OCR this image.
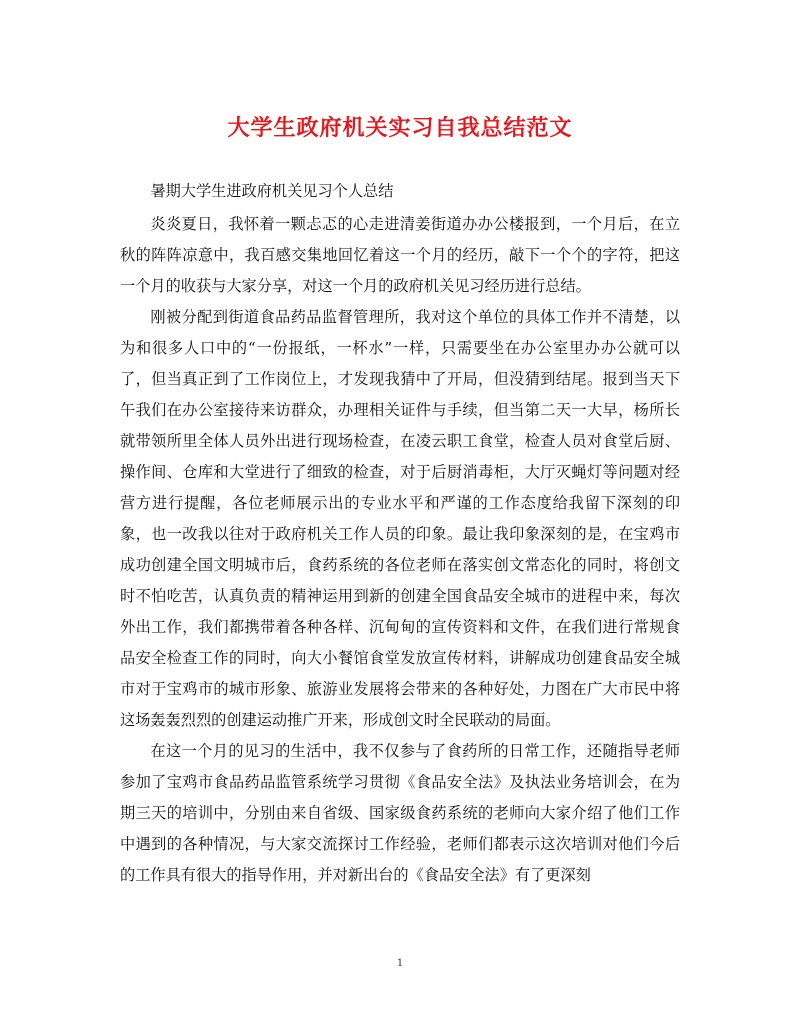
大学生政府机关实习自我总结范文

暑期大学生进政府机关见习个人总结

炎炎夏日，我怀着一颗忐忑的心走进清姜街道办办公楼报到，一个月后，在立秋的阵阵凉意中，我百感交集地回忆着这一个月的经历，敲下一个个的字符，把这一个月的收获与大家分享，对这一个月的政府机关见习经历进行总结。

刚被分配到街道食品药品监督管理所，我对这个单位的具体工作并不清楚，以为和很多人口中的“一份报纸，一杯水”一样，只需要坐在办公室里办办公就可以了，但当真正到了工作岗位上，才发现我猜中了开局，但没猜到结尾。报到当天下午我们在办公室接待来访群众，办理相关证件与手续，但当第二天一大早，杨所长就带领所里全体人员外出进行现场检查，在凌云职工食堂，检查人员对食堂后厨、操作间、仓库和大堂进行了细致的检查，对于后厨消毒柜，大厅灭蝇灯等问题对经营方进行提醒，各位老师展示出的专业水平和严谨的工作态度给我留下深刻的印象，也一改我以往对于政府机关工作人员的印象。最让我印象深刻的是，在宝鸡市成功创建全国文明城市后，食药系统的各位老师在落实创文常态化的同时，将创文时不怕吃苦，认真负责的精神运用到新的创建全国食品安全城市的进程中来，每次外出工作，我们都携带着各种各样、沉甸甸的宣传资料和文件，在我们进行常规食品安全检查工作的同时，向大小餐馆食堂发放宣传材料，讲解成功创建食品安全城市对于宝鸡市的城市形象、旅游业发展将会带来的各种好处，力图在广大市民中将这场轰轰烈烈的创建运动推广开来，形成创文时全民联动的局面。

在这一个月的见习的生活中，我不仅参与了食药所的日常工作，还随指导老师参加了宝鸡市食品药品监管系统学习贯彻《食品安全法》及执法业务培训会，在为期三天的培训中，分别由来自省级、国家级食药系统的老师向大家介绍了他们工作中遇到的各种情况，与大家交流探讨工作经验，老师们都表示这次培训对他们今后的工作具有很大的指导作用，并对新出台的《食品安全法》有了更深刻

1
